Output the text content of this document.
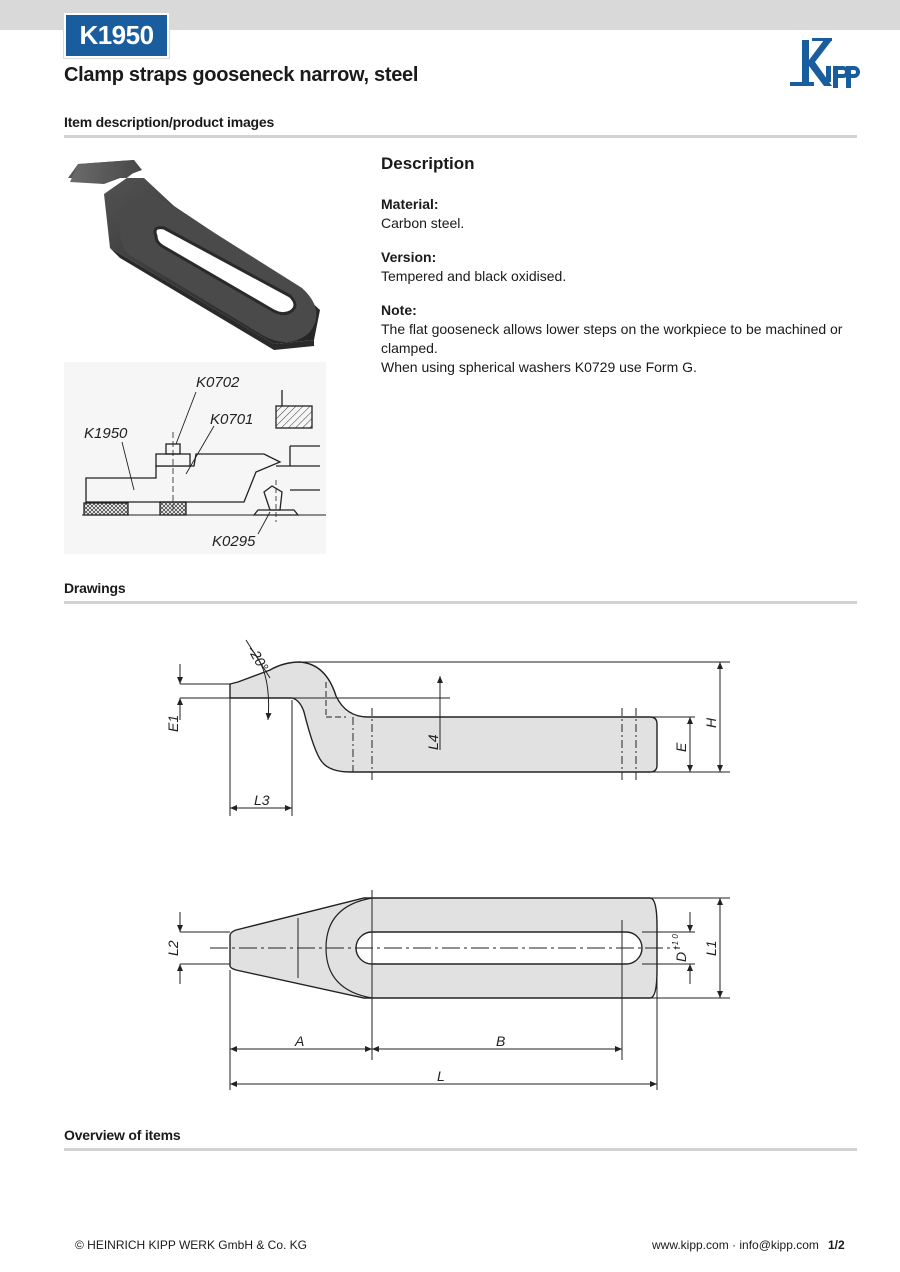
K1950
Clamp straps gooseneck narrow, steel
Item description/product images
K0702
K0701
K1950
K0295
Description
Material:
Carbon steel.
Version:
Tempered and black oxidised.
Note:
The flat gooseneck allows lower steps on the workpiece to be machined or clamped.
When using spherical washers K0729 use Form G.
Drawings
20°
E1
L4	E
H
L3
L2
D
+1 0 L1
A	B
L
Overview of items
© HEINRICH KIPP WERK GmbH & Co. KG	www.kipp.com · info@kipp.com 1/2
